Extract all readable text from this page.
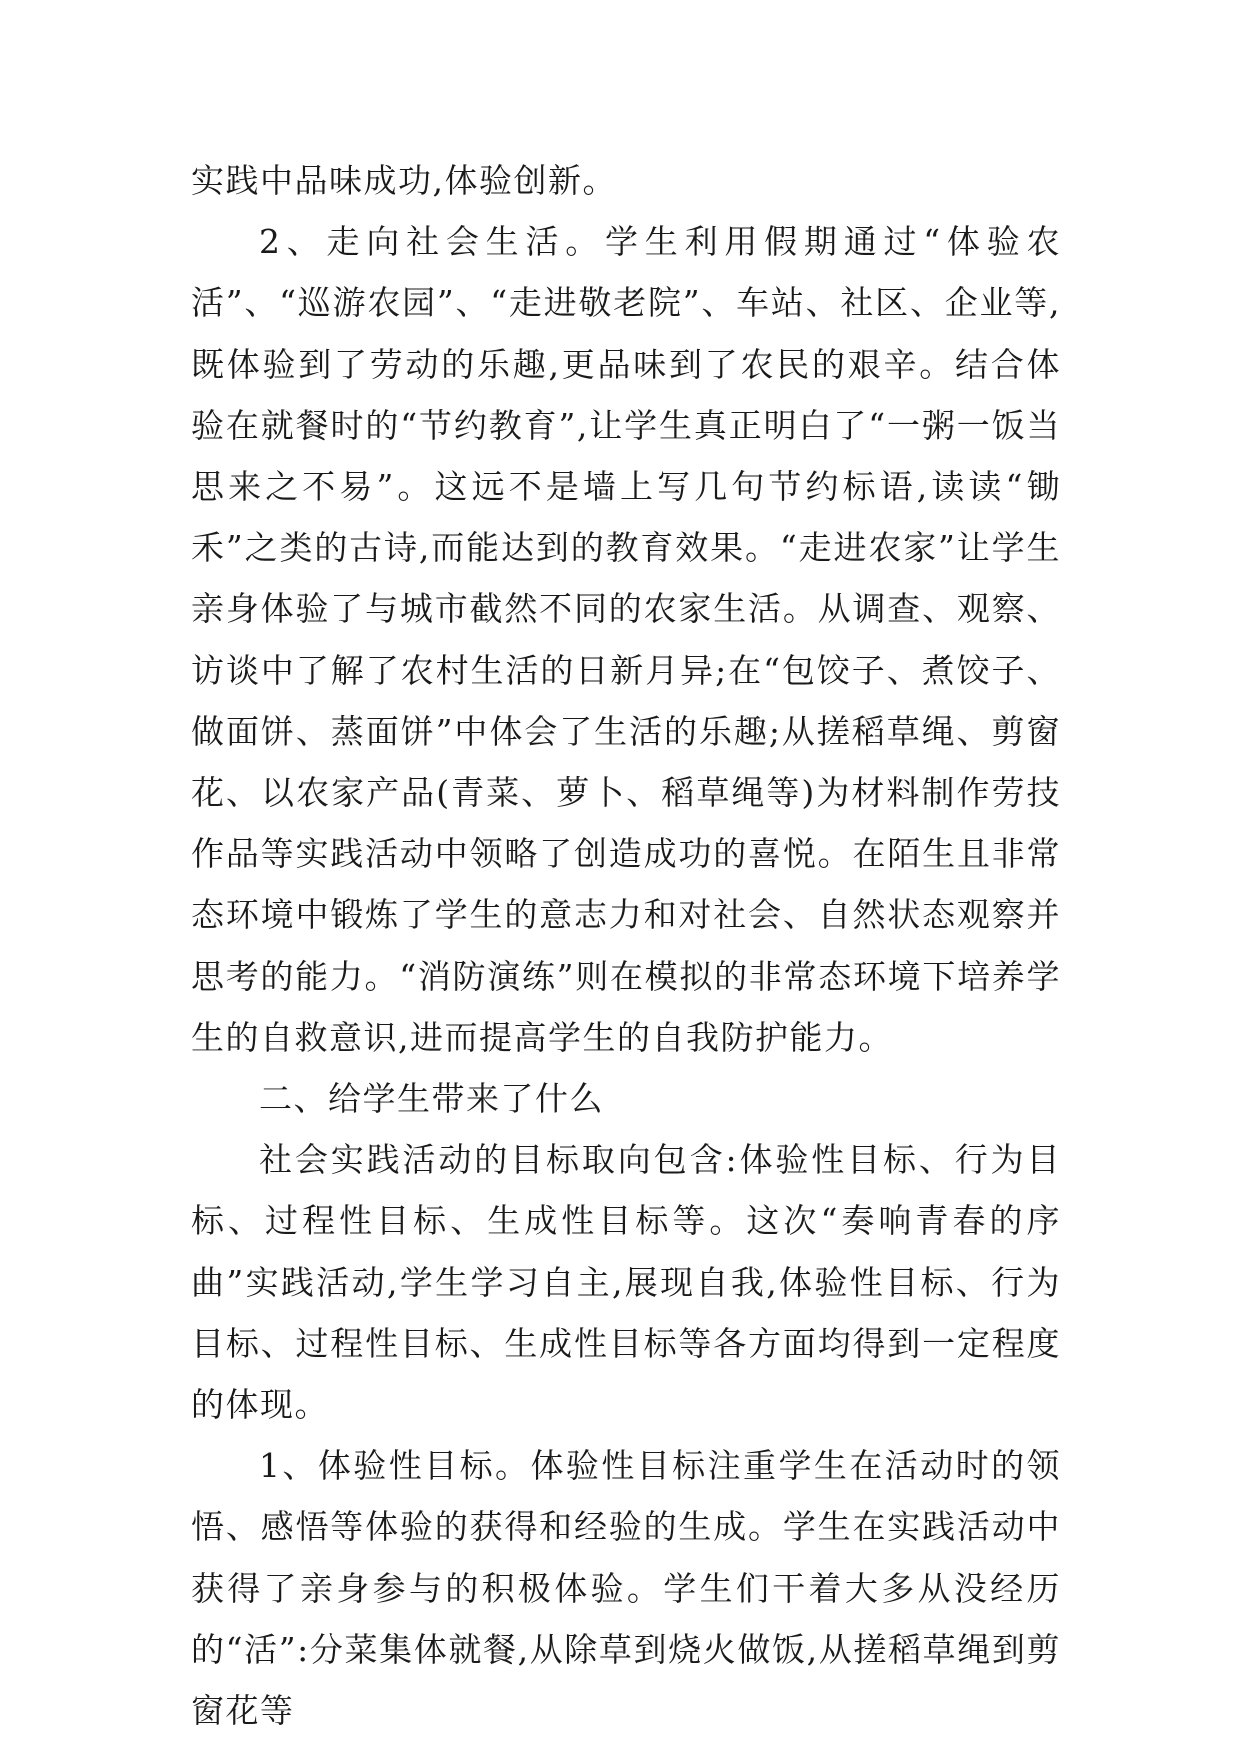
实践中品味成功,体验创新。

2、走向社会生活。学生利用假期通过“体验农活”、“巡游农园”、“走进敬老院”、车站、社区、企业等, 既体验到了劳动的乐趣,更品味到了农民的艰辛。结合体验在就餐时的“节约教育”,让学生真正明白了“一粥一饭当思来之不易”。这远不是墙上写几句节约标语,读读“锄禾”之类的古诗,而能达到的教育效果。“走进农家”让学生亲身体验了与城市截然不同的农家生活。从调查、观察、访谈中了解了农村生活的日新月异;在“包饺子、煮饺子、做面饼、蒸面饼”中体会了生活的乐趣;从搓稻草绳、剪窗花、以农家产品(青菜、萝卜、稻草绳等)为材料制作劳技作品等实践活动中领略了创造成功的喜悦。在陌生且非常态环境中锻炼了学生的意志力和对社会、自然状态观察并思考的能力。“消防演练”则在模拟的非常态环境下培养学生的自救意识,进而提高学生的自我防护能力。

二、给学生带来了什么

社会实践活动的目标取向包含:体验性目标、行为目标、过程性目标、生成性目标等。这次“奏响青春的序曲”实践活动,学生学习自主,展现自我,体验性目标、行为目标、过程性目标、生成性目标等各方面均得到一定程度的体现。

1、体验性目标。体验性目标注重学生在活动时的领悟、感悟等体验的获得和经验的生成。学生在实践活动中获得了亲身参与的积极体验。学生们干着大多从没经历的“活”:分菜集体就餐,从除草到烧火做饭,从搓稻草绳到剪窗花等
